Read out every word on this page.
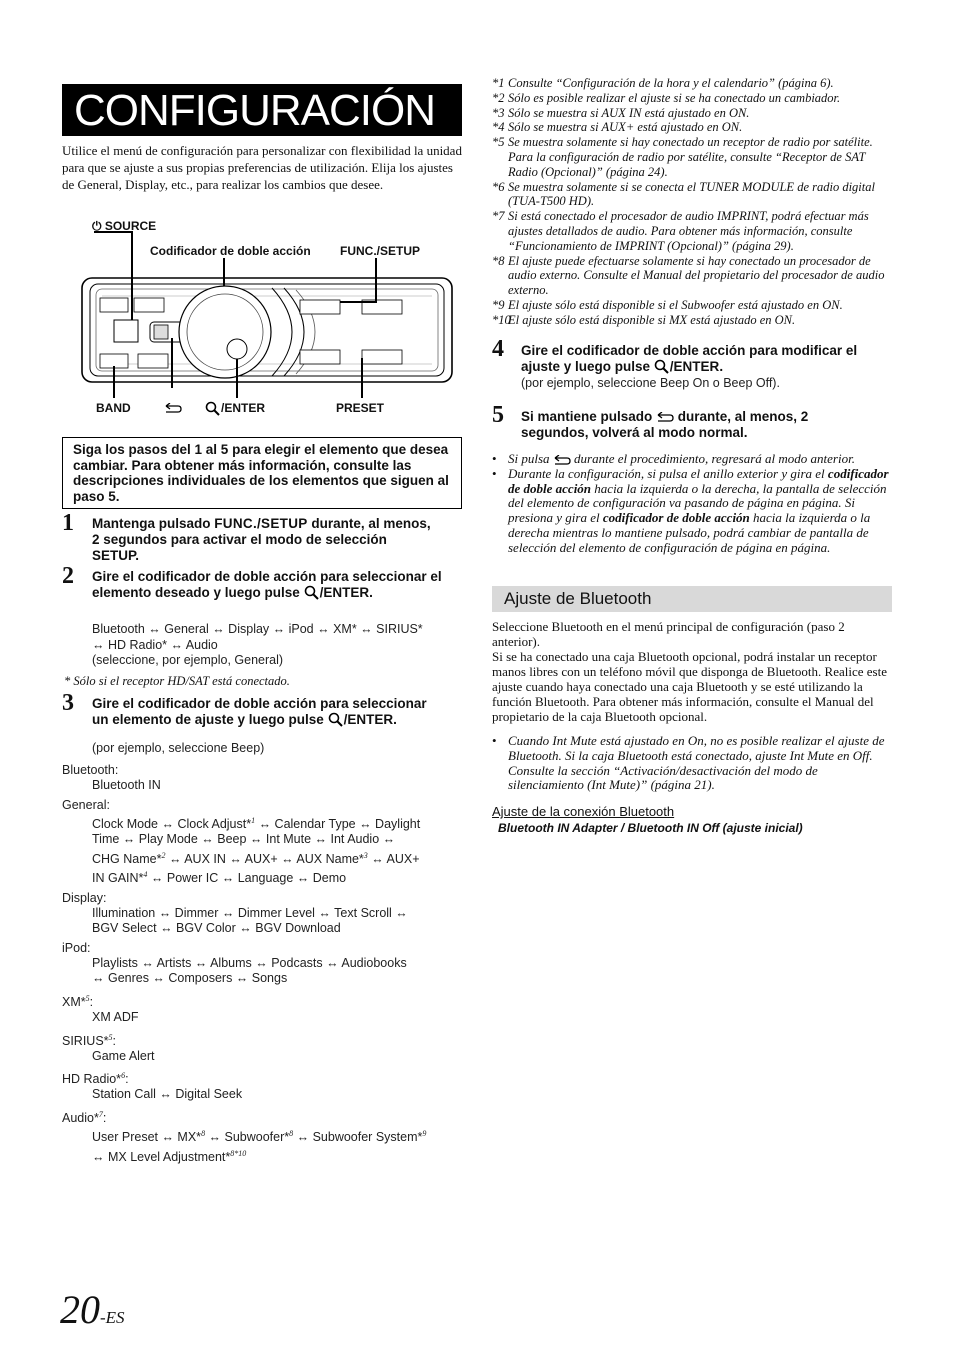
CONFIGURACIÓN
Utilice el menú de configuración para personalizar con flexibilidad la unidad para que se ajuste a sus propias preferencias de utilización. Elija los ajustes de General, Display, etc., para realizar los cambios que desee.
⏻ SOURCE
Codificador de doble acción FUNC./SETUP
BAND	/ENTER	PRESET
Siga los pasos del 1 al 5 para elegir el elemento que desea cambiar. Para obtener más información, consulte las descripciones individuales de los elementos que siguen al paso 5.
1 Mantenga pulsado FUNC./SETUP durante, al menos, 2 segundos para activar el modo de selección SETUP.
2 Gire el codificador de doble acción para seleccionar el elemento deseado y luego pulse /ENTER.
Bluetooth ↔ General ↔ Display ↔ iPod ↔ XM* ↔ SIRIUS*
↔ HD Radio* ↔ Audio
(seleccione, por ejemplo, General)
* Sólo si el receptor HD/SAT está conectado.
3 Gire el codificador de doble acción para seleccionar un elemento de ajuste y luego pulse /ENTER.
(por ejemplo, seleccione Beep)
Bluetooth:
Bluetooth IN
General:
Clock Mode ↔ Clock Adjust*$^1$ ↔ Calendar Type ↔ Daylight
Time ↔ Play Mode ↔ Beep ↔ Int Mute ↔ Int Audio ↔
CHG Name*$^2$ ↔ AUX IN ↔ AUX+ ↔ AUX Name*$^3$ ↔ AUX+
IN GAIN*$^4$ ↔ Power IC ↔ Language ↔ Demo
Display:
Illumination ↔ Dimmer ↔ Dimmer Level ↔ Text Scroll ↔
BGV Select ↔ BGV Color ↔ BGV Download
iPod:
Playlists ↔ Artists ↔ Albums ↔ Podcasts ↔ Audiobooks
↔ Genres ↔ Composers ↔ Songs
XM*$^5$:
XM ADF
SIRIUS*$^5$:
Game Alert
HD Radio*$^6$:
Station Call ↔ Digital Seek
Audio*$^7$:
User Preset ↔ MX*$^8$ ↔ Subwoofer*$^8$ ↔ Subwoofer System*$^9$
↔ MX Level Adjustment*$^{8*10}$
20-ES
*1 Consulte “Configuración de la hora y el calendario” (página 6).
*2 Sólo es posible realizar el ajuste si se ha conectado un cambiador.
*3 Sólo se muestra si AUX IN está ajustado en ON.
*4 Sólo se muestra si AUX+ está ajustado en ON.
*5 Se muestra solamente si hay conectado un receptor de radio por satélite. Para la configuración de radio por satélite, consulte “Receptor de SAT Radio (Opcional)” (página 24).
*6 Se muestra solamente si se conecta el TUNER MODULE de radio digital (TUA-T500 HD).
*7 Si está conectado el procesador de audio IMPRINT, podrá efectuar más ajustes detallados de audio. Para obtener más información, consulte “Funcionamiento de IMPRINT (Opcional)” (página 29).
*8 El ajuste puede efectuarse solamente si hay conectado un procesador de audio externo. Consulte el Manual del propietario del procesador de audio externo.
*9 El ajuste sólo está disponible si el Subwoofer está ajustado en ON.
*10
El ajuste sólo está disponible si MX está ajustado en ON.
4 Gire el codificador de doble acción para modificar el ajuste y luego pulse /ENTER.
(por ejemplo, seleccione Beep On o Beep Off).
5 Si mantiene pulsado  durante, al menos, 2 segundos, volverá al modo normal.
• Si pulsa  durante el procedimiento, regresará al modo anterior.
• Durante la configuración, si pulsa el anillo exterior y gira el codificador de doble acción hacia la izquierda o la derecha, la pantalla de selección del elemento de configuración va pasando de página en página. Si presiona y gira el codificador de doble acción hacia la izquierda o la derecha mientras lo mantiene pulsado, podrá cambiar de pantalla de selección del elemento de configuración de página en página.
Ajuste de Bluetooth
Seleccione Bluetooth en el menú principal de configuración (paso 2 anterior).
Si se ha conectado una caja Bluetooth opcional, podrá instalar un receptor manos libres con un teléfono móvil que disponga de Bluetooth. Realice este ajuste cuando haya conectado una caja Bluetooth y se esté utilizando la función Bluetooth. Para obtener más información, consulte el Manual del propietario de la caja Bluetooth opcional.
• Cuando Int Mute está ajustado en On, no es posible realizar el ajuste de Bluetooth. Si la caja Bluetooth está conectado, ajuste Int Mute en Off. Consulte la sección “Activación/desactivación del modo de silenciamiento (Int Mute)” (página 21).
Ajuste de la conexión Bluetooth
Bluetooth IN Adapter / Bluetooth IN Off (ajuste inicial)
